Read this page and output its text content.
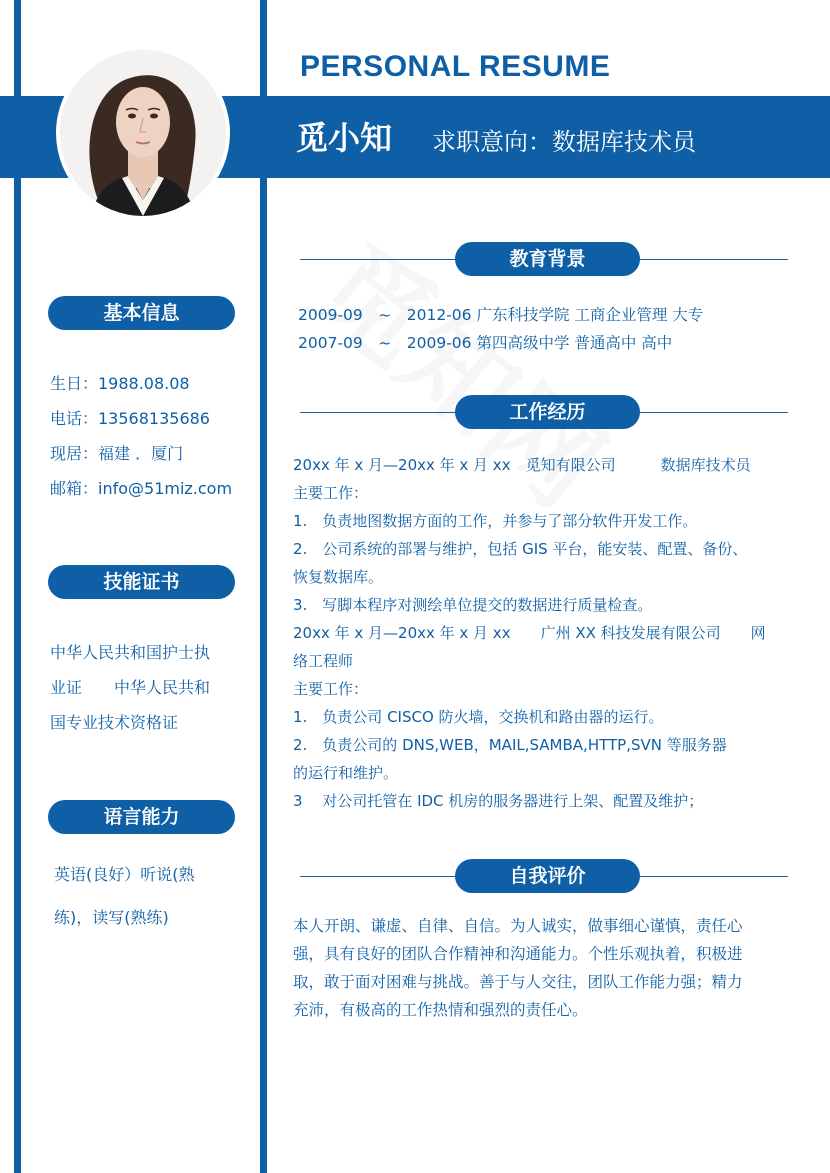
PERSONAL RESUME
觅小知 求职意向：数据库技术员
基本信息
生日：1988.08.08
电话：13568135686
现居：福建 ．厦门
邮箱：info@51miz.com
技能证书
中华人民共和国护士执
业证　　中华人民共和
国专业技术资格证
语言能力
英语(良好）听说(熟
练)，读写(熟练)
教育背景
2009-09　~　2012-06 广东科技学院 工商企业管理 大专
2007-09　~　2009-06 第四高级中学 普通高中 高中
工作经历
20xx 年 x 月—20xx 年 x 月 xx　觅知有限公司　　　数据库技术员
主要工作：
1.　负责地图数据方面的工作，并参与了部分软件开发工作。
2.　公司系统的部署与维护，包括 GIS 平台，能安装、配置、备份、
恢复数据库。
3.　写脚本程序对测绘单位提交的数据进行质量检查。
20xx 年 x 月—20xx 年 x 月 xx　　广州 XX 科技发展有限公司　　网
络工程师
主要工作：
1.　负责公司 CISCO 防火墙，交换机和路由器的运行。
2.　负责公司的 DNS,WEB，MAIL,SAMBA,HTTP,SVN 等服务器
的运行和维护。
3　 对公司托管在 IDC 机房的服务器进行上架、配置及维护；
自我评价
本人开朗、谦虚、自律、自信。为人诚实，做事细心谨慎，责任心
强，具有良好的团队合作精神和沟通能力。个性乐观执着，积极进
取，敢于面对困难与挑战。善于与人交往，团队工作能力强；精力
充沛，有极高的工作热情和强烈的责任心。
